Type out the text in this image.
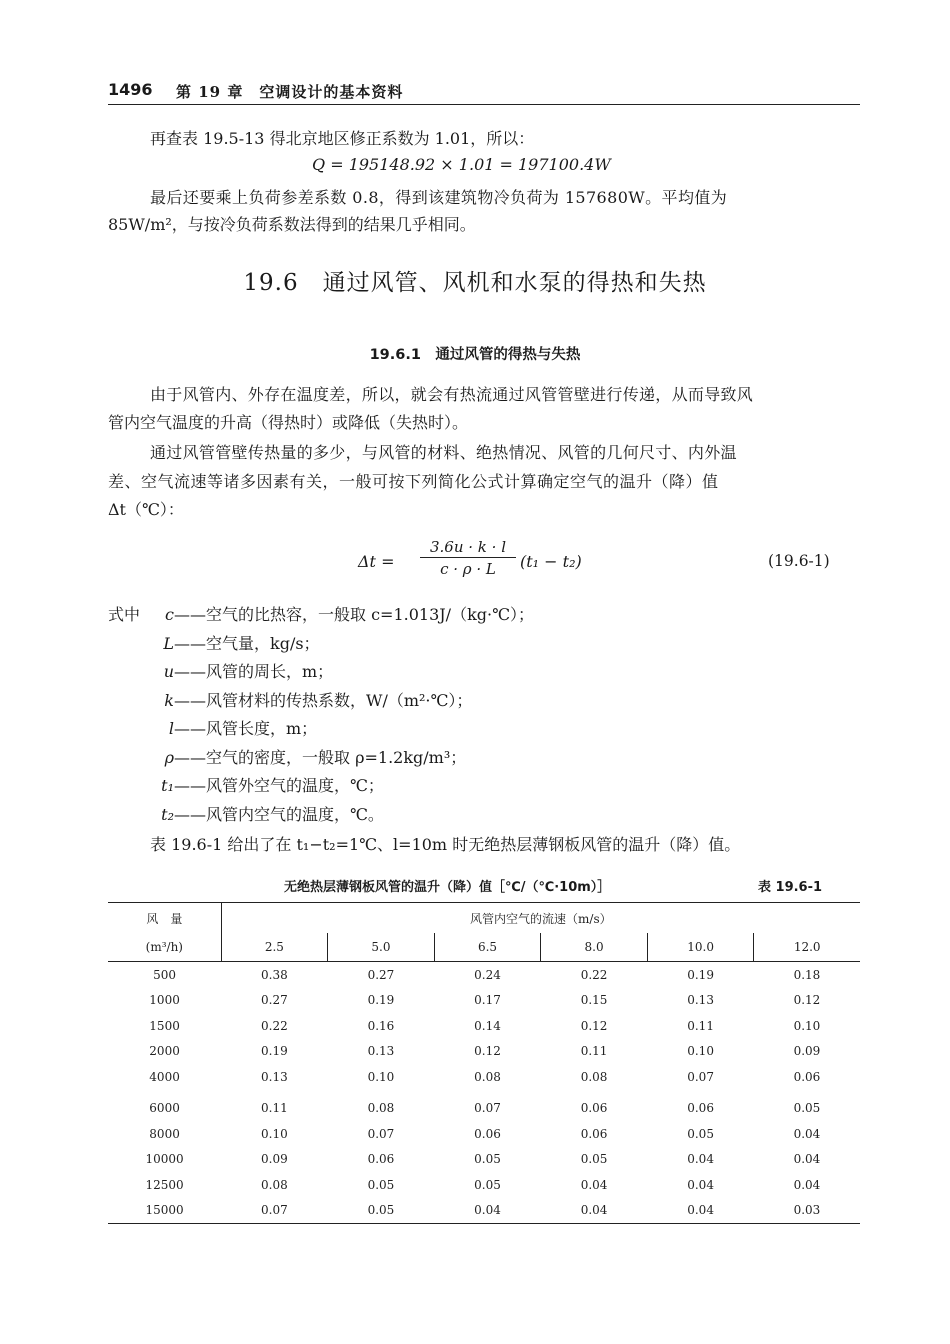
1496 第 19 章　空调设计的基本资料
再查表 19.5-13 得北京地区修正系数为 1.01，所以：
Q = 195148.92 × 1.01 = 197100.4W
最后还要乘上负荷参差系数 0.8，得到该建筑物冷负荷为 157680W。平均值为
85W/m²，与按冷负荷系数法得到的结果几乎相同。
19.6　通过风管、风机和水泵的得热和失热
19.6.1　通过风管的得热与失热
由于风管内、外存在温度差，所以，就会有热流通过风管管壁进行传递，从而导致风
管内空气温度的升高（得热时）或降低（失热时）。
通过风管管壁传热量的多少，与风管的材料、绝热情况、风管的几何尺寸、内外温
差、空气流速等诸多因素有关，一般可按下列简化公式计算确定空气的温升（降）值
Δt（℃）：
Δt =
3.6u · k · l
c · ρ · L	(t₁ − t₂)	(19.6-1)
式中	c——空气的比热容，一般取 c=1.013J/（kg·℃）；
L——空气量，kg/s；
u——风管的周长，m；
k——风管材料的传热系数，W/（m²·℃）；
l——风管长度，m；
ρ——空气的密度，一般取 ρ=1.2kg/m³；
t₁——风管外空气的温度，℃；
t₂——风管内空气的温度，℃。
表 19.6-1 给出了在 t₁−t₂=1℃、l=10m 时无绝热层薄钢板风管的温升（降）值。
无绝热层薄钢板风管的温升（降）值［℃/（℃·10m）］	表 19.6-1
风　量	风管内空气的流速（m/s）					
(m³/h)	2.5	5.0	6.5	8.0	10.0	12.0
500	0.38	0.27	0.24	0.22	0.19	0.18
1000	0.27	0.19	0.17	0.15	0.13	0.12
1500	0.22	0.16	0.14	0.12	0.11	0.10
2000	0.19	0.13	0.12	0.11	0.10	0.09
4000	0.13	0.10	0.08	0.08	0.07	0.06
6000	0.11	0.08	0.07	0.06	0.06	0.05
8000	0.10	0.07	0.06	0.06	0.05	0.04
10000	0.09	0.06	0.05	0.05	0.04	0.04
12500	0.08	0.05	0.05	0.04	0.04	0.04
15000	0.07	0.05	0.04	0.04	0.04	0.03
